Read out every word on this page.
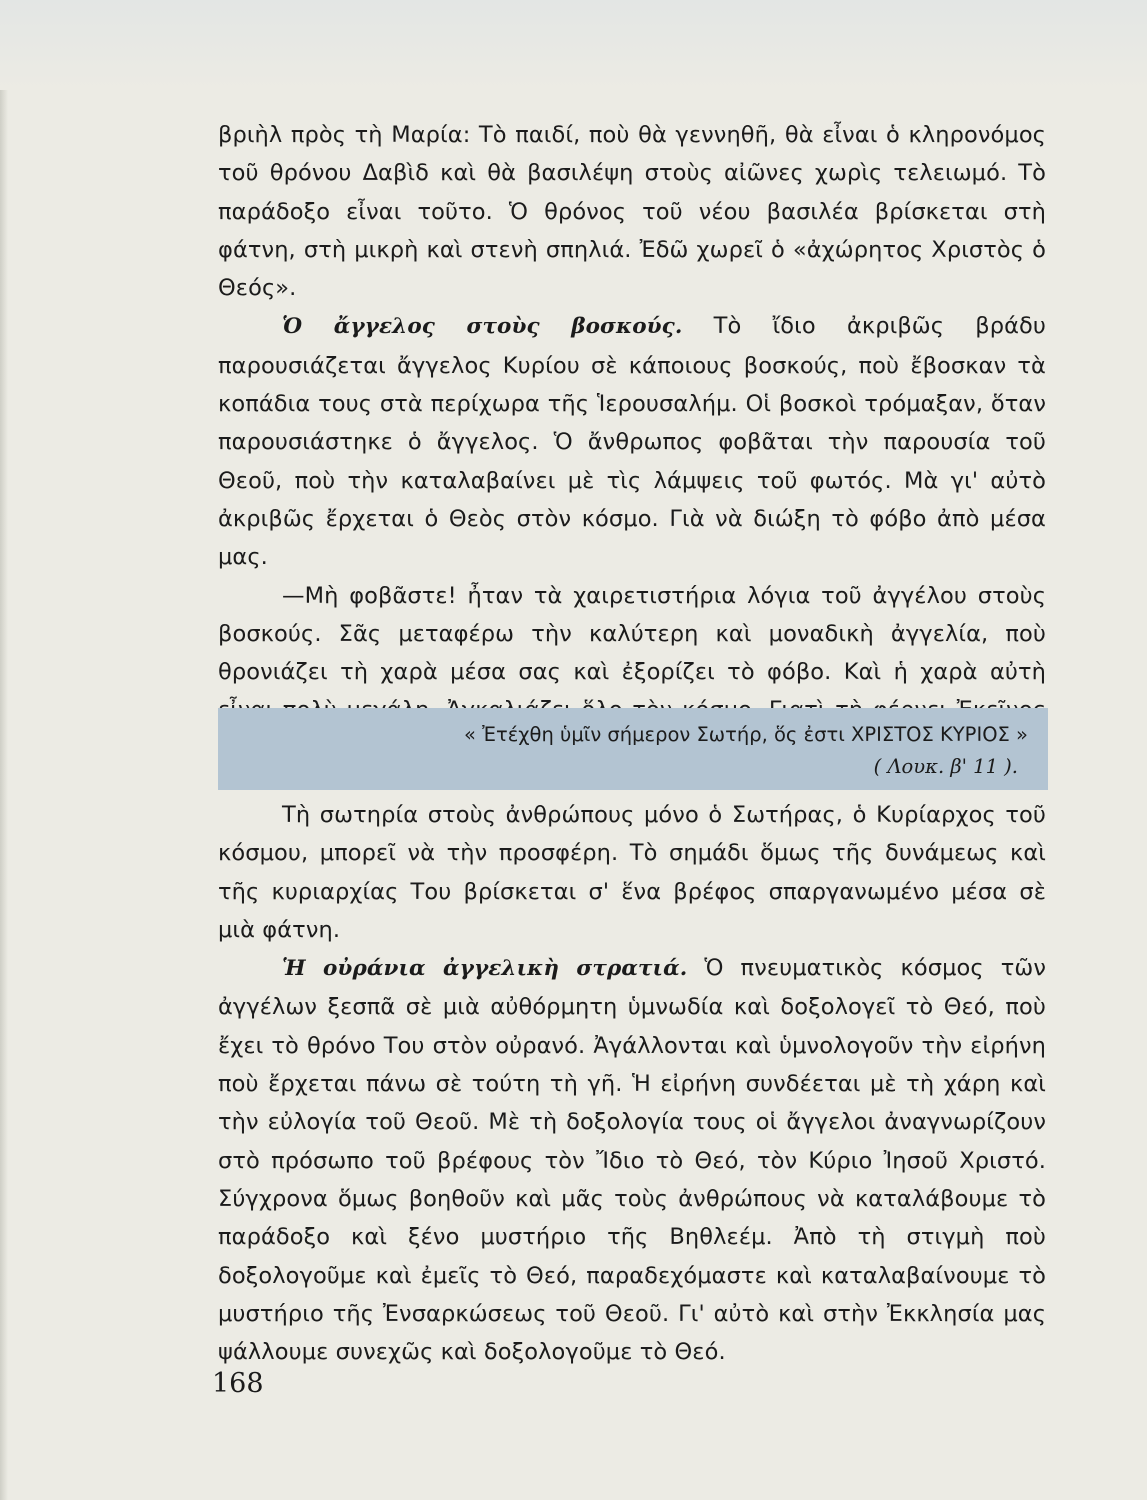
βριὴλ πρὸς τὴ Μαρία: Τὸ παιδί, ποὺ θὰ γεννηθῆ, θὰ εἶναι ὁ κληρονόμος τοῦ θρόνου Δαβὶδ καὶ θὰ βασιλέψη στοὺς αἰῶνες χωρὶς τελειωμό. Τὸ παράδοξο εἶναι τοῦτο. Ὁ θρόνος τοῦ νέου βασιλέα βρίσκεται στὴ φάτνη, στὴ μικρὴ καὶ στενὴ σπηλιά. Ἐδῶ χωρεῖ ὁ «ἀχώρητος Χριστὸς ὁ Θεός».

Ὁ ἄγγελος στοὺς βοσκούς. Τὸ ἴδιο ἀκριβῶς βράδυ παρουσιάζεται ἄγγελος Κυρίου σὲ κάποιους βοσκούς, ποὺ ἔβοσκαν τὰ κοπάδια τους στὰ περίχωρα τῆς Ἱερουσαλήμ. Οἱ βοσκοὶ τρόμαξαν, ὅταν παρουσιάστηκε ὁ ἄγγελος. Ὁ ἄνθρωπος φοβᾶται τὴν παρουσία τοῦ Θεοῦ, ποὺ τὴν καταλαβαίνει μὲ τὶς λάμψεις τοῦ φωτός. Μὰ γι' αὐτὸ ἀκριβῶς ἔρχεται ὁ Θεὸς στὸν κόσμο. Γιὰ νὰ διώξη τὸ φόβο ἀπὸ μέσα μας.

—Μὴ φοβᾶστε! ἦταν τὰ χαιρετιστήρια λόγια τοῦ ἀγγέλου στοὺς βοσκούς. Σᾶς μεταφέρω τὴν καλύτερη καὶ μοναδικὴ ἀγγελία, ποὺ θρονιάζει τὴ χαρὰ μέσα σας καὶ ἐξορίζει τὸ φόβο. Καὶ ἡ χαρὰ αὐτὴ

« Ἐτέχθη ὑμῖν σήμερον Σωτήρ, ὅς ἐστι ΧΡΙΣΤΟΣ ΚΥΡΙΟΣ »
( Λουκ. β' 11 ).

Τὴ σωτηρία στοὺς ἀνθρώπους μόνο ὁ Σωτήρας, ὁ Κυρίαρχος τοῦ κόσμου, μπορεῖ νὰ τὴν προσφέρη. Τὸ σημάδι ὅμως τῆς δυνάμεως καὶ τῆς κυριαρχίας Του βρίσκεται σ' ἕνα βρέφος σπαργανωμένο μέσα σὲ μιὰ φάτνη.

Ἡ οὐράνια ἀγγελικὴ στρατιά. Ὁ πνευματικὸς κόσμος τῶν ἀγγέλων ξεσπᾶ σὲ μιὰ αὐθόρμητη ὑμνωδία καὶ δοξολογεῖ τὸ Θεό, ποὺ ἔχει τὸ θρόνο Του στὸν οὐρανό. Ἀγάλλονται καὶ ὑμνολογοῦν τὴν εἰρήνη ποὺ ἔρχεται πάνω σὲ τούτη τὴ γῆ. Ἡ εἰρήνη συνδέεται μὲ τὴ χάρη καὶ τὴν εὐλογία τοῦ Θεοῦ. Μὲ τὴ δοξολογία τους οἱ ἄγγελοι ἀναγνωρίζουν στὸ πρόσωπο τοῦ βρέφους τὸν Ἴδιο τὸ Θεό, τὸν Κύριο Ἰησοῦ Χριστό. Σύγχρονα ὅμως βοηθοῦν καὶ μᾶς τοὺς ἀνθρώπους νὰ καταλάβουμε τὸ παράδοξο καὶ ξένο μυστήριο τῆς Βηθλεέμ. Ἀπὸ τὴ στιγμὴ ποὺ δοξολογοῦμε καὶ ἐμεῖς τὸ Θεό, παραδεχόμαστε καὶ καταλαβαίνουμε τὸ μυστήριο τῆς Ἐνσαρκώσεως τοῦ Θεοῦ. Γι' αὐτὸ καὶ στὴν Ἐκκλησία μας ψάλλουμε συνεχῶς καὶ δοξολογοῦμε τὸ Θεό.

168
